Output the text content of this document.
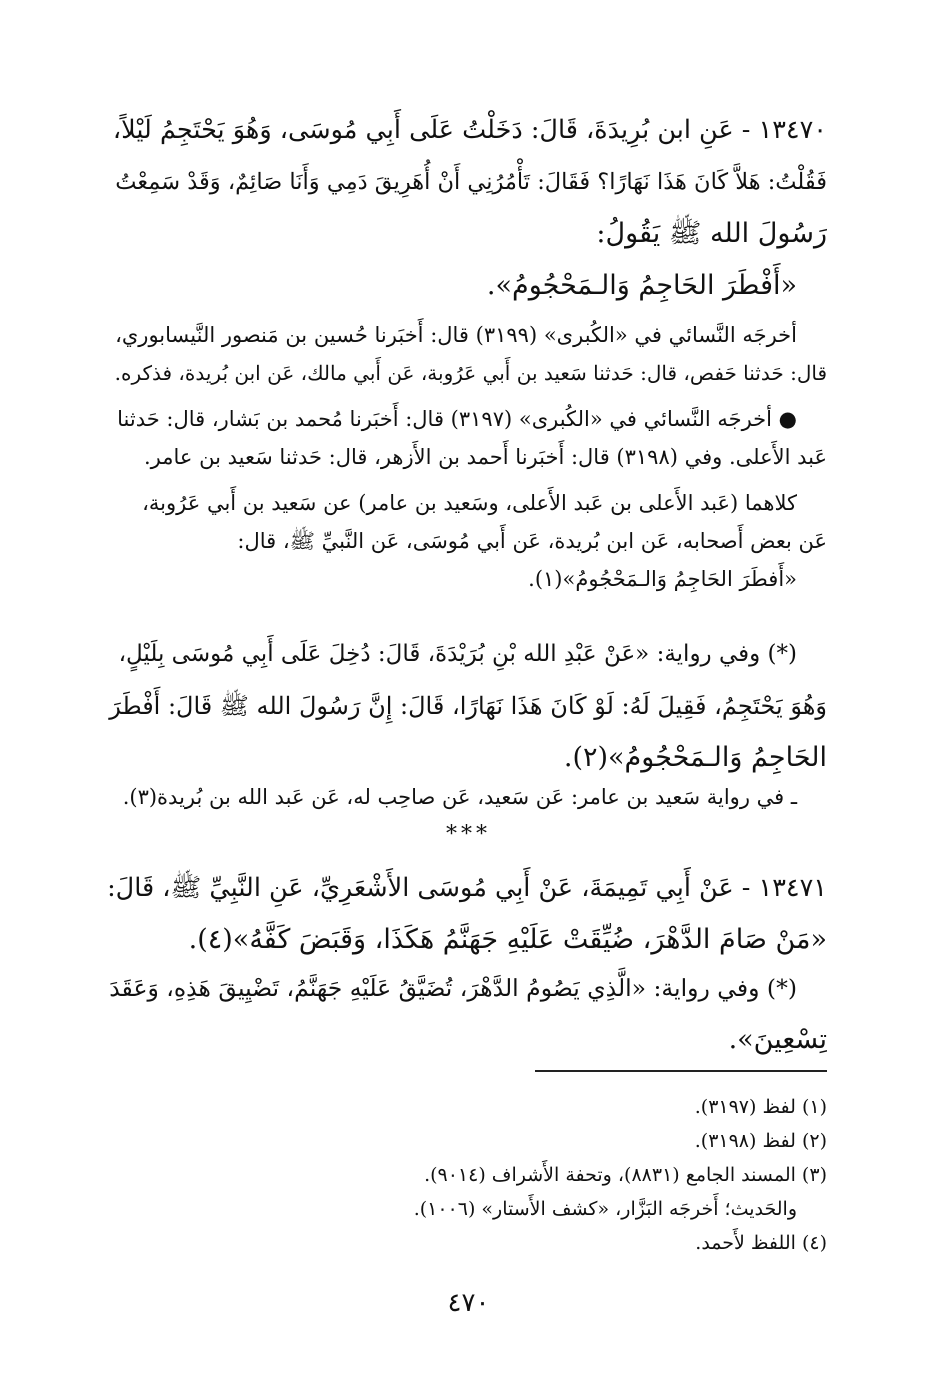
١٣٤٧٠ - عَنِ ابن بُرِيدَةَ، قَالَ: دَخَلْتُ عَلَى أَبِي مُوسَى، وَهُوَ يَحْتَجِمُ لَيْلاً،
فَقُلْتُ: هَلاَّ كَانَ هَذَا نَهَارًا؟ فَقَالَ: تَأْمُرُنِي أَنْ أُهَرِيقَ دَمِي وَأَنَا صَائِمٌ، وَقَدْ سَمِعْتُ
رَسُولَ الله ﷺ يَقُولُ:
«أَفْطَرَ الحَاجِمُ وَالـمَحْجُومُ».
أخرجَه النَّسائي في «الكُبرى» (٣١٩٩) قال: أَخبَرنا حُسين بن مَنصور النَّيسابوري،
قال: حَدثنا حَفص، قال: حَدثنا سَعيد بن أَبي عَرُوبة، عَن أَبي مالك، عَن ابن بُريدة، فذكره.
● أخرجَه النَّسائي في «الكُبرى» (٣١٩٧) قال: أَخبَرنا مُحمد بن بَشار، قال: حَدثنا
عَبد الأَعلى. وفي (٣١٩٨) قال: أَخبَرنا أَحمد بن الأَزهر، قال: حَدثنا سَعيد بن عامر.
كلاهما (عَبد الأَعلى بن عَبد الأَعلى، وسَعيد بن عامر) عن سَعيد بن أَبي عَرُوبة،
عَن بعض أَصحابه، عَن ابن بُريدة، عَن أَبي مُوسَى، عَن النَّبيِّ ﷺ، قال:
«أَفطَرَ الحَاجِمُ وَالـمَحْجُومُ»(١).
(*) وفي رواية: «عَنْ عَبْدِ الله بْنِ بُرَيْدَةَ، قَالَ: دُخِلَ عَلَى أَبِي مُوسَى بِلَيْلٍ،
وَهُوَ يَحْتَجِمُ، فَقِيلَ لَهُ: لَوْ كَانَ هَذَا نَهَارًا، قَالَ: إِنَّ رَسُولَ الله ﷺ قَالَ: أَفْطَرَ
الحَاجِمُ وَالـمَحْجُومُ»(٢).
ـ في رواية سَعيد بن عامر: عَن سَعيد، عَن صاحِب له، عَن عَبد الله بن بُريدة(٣).
***
١٣٤٧١ - عَنْ أَبِي تَمِيمَةَ، عَنْ أَبِي مُوسَى الأَشْعَرِيِّ، عَنِ النَّبِيِّ ﷺ، قَالَ:
«مَنْ صَامَ الدَّهْرَ، ضُيِّقَتْ عَلَيْهِ جَهَنَّمُ هَكَذَا، وَقَبَضَ كَفَّهُ»(٤).
(*) وفي رواية: «الَّذِي يَصُومُ الدَّهْرَ، تُضَيَّقُ عَلَيْهِ جَهَنَّمُ، تَضْيِيقَ هَذِهِ، وَعَقَدَ
تِسْعِينَ».
(١) لفظ (٣١٩٧).
(٢) لفظ (٣١٩٨).
(٣) المسند الجامع (٨٨٣١)، وتحفة الأَشراف (٩٠١٤).
والحَديث؛ أَخرجَه البَزَّار، «كشف الأَستار» (١٠٠٦).
(٤) اللفظ لأَحمد.
٤٧٠
